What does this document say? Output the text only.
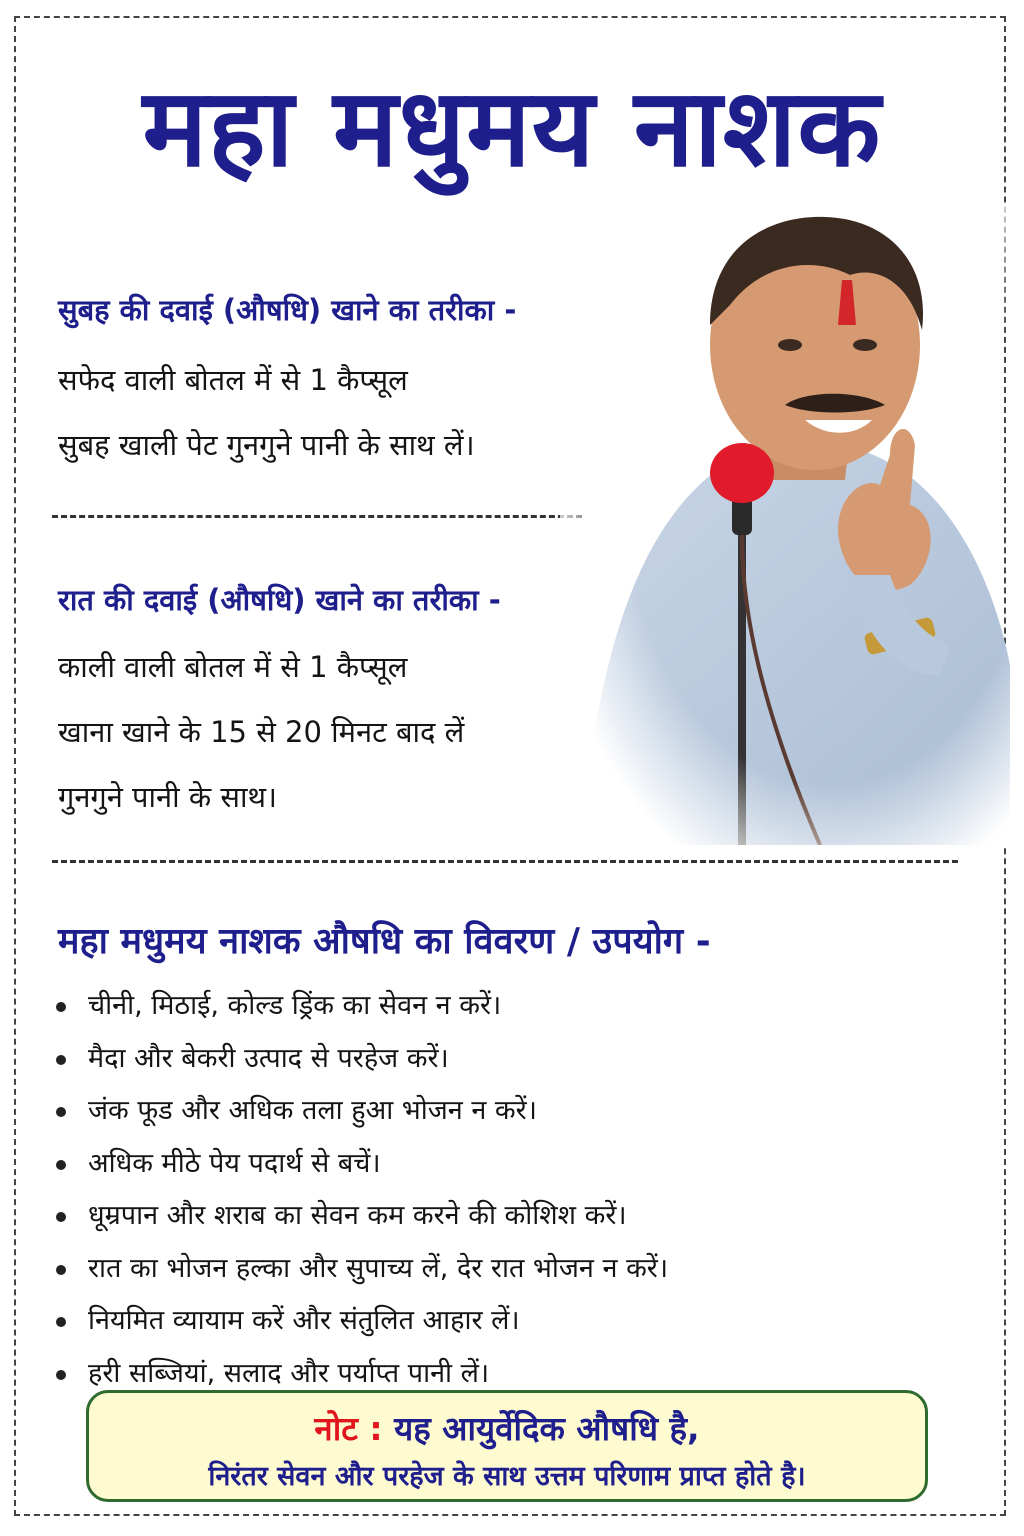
महा मधुमय नाशक
सुबह की दवाई (औषधि) खाने का तरीका -
सफेद वाली बोतल में से 1 कैप्सूल
सुबह खाली पेट गुनगुने पानी के साथ लें।
रात की दवाई (औषधि) खाने का तरीका -
काली वाली बोतल में से 1 कैप्सूल
खाना खाने के 15 से 20 मिनट बाद लें
गुनगुने पानी के साथ।
महा मधुमय नाशक औषधि का विवरण / उपयोग -
चीनी, मिठाई, कोल्ड ड्रिंक का सेवन न करें।
मैदा और बेकरी उत्पाद से परहेज करें।
जंक फूड और अधिक तला हुआ भोजन न करें।
अधिक मीठे पेय पदार्थ से बचें।
धूम्रपान और शराब का सेवन कम करने की कोशिश करें।
रात का भोजन हल्का और सुपाच्य लें, देर रात भोजन न करें।
नियमित व्यायाम करें और संतुलित आहार लें।
हरी सब्जियां, सलाद और पर्याप्त पानी लें।
नोट : यह आयुर्वेदिक औषधि है,
निरंतर सेवन और परहेज के साथ उत्तम परिणाम प्राप्त होते है।
